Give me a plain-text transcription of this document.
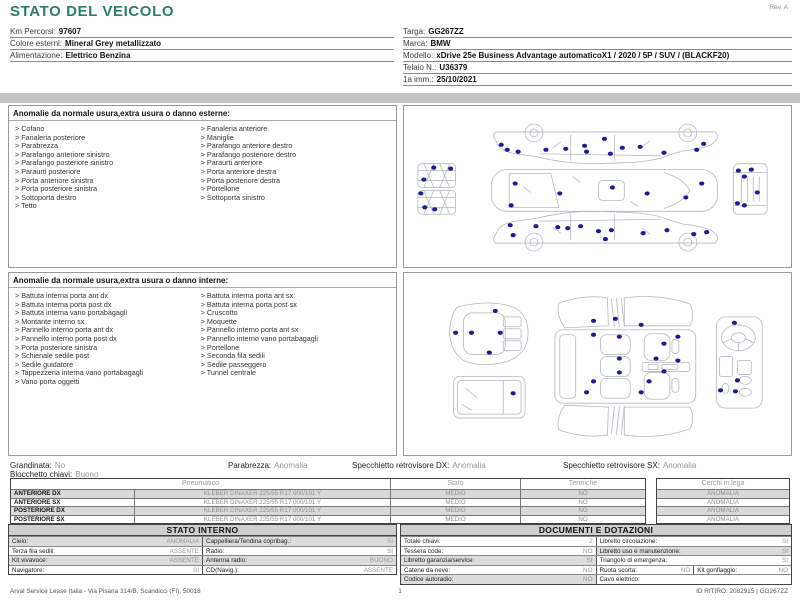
STATO DEL VEICOLO	Rev. A
Km Percorsi: 97607
Colore esterni: Mineral Grey metallizzato
Alimentazione: Elettrico Benzina
Targa: GG267ZZ
Marca: BMW
Modello: xDrive 25e Business Advantage automaticoX1 / 2020 / 5P / SUV / (BLACKF20)
Telaio N.: U36379
1a imm.: 25/10/2021
Anomalie da normale usura,extra usura o danno esterne:
> Cofano
> Fanaleria posteriore
> Parabrezza
> Parafango anteriore sinistro
> Parafango posteriore sinistro
> Paraurti posteriore
> Porta anteriore sinistra
> Porta posteriore sinistra
> Sottoporta destro
> Tetto
> Fanaleria anteriore
> Maniglie
> Parafango anteriore destro
> Parafango posteriore destro
> Paraurti anteriore
> Porta anteriore destra
> Porta posteriore destra
> Portellone
> Sottoporta sinistro
Anomalie da normale usura,extra usura o danno interne:
> Battuta interna porta ant dx
> Battuta interna porta post dx
> Battuta interna vano portabagagli
> Montante interno sx
> Pannello interno porta ant dx
> Pannello interno porta post dx
> Porta posteriore sinistra
> Schienale sedile post
> Sedile guidatore
> Tappezzeria interna vano portabagagli
> Vano porta oggetti
> Battuta interna porta ant sx
> Battuta interna porta post sx
> Cruscotto
> Moquette
> Pannello interno porta ant sx
> Pannello interno vano portabagagli
> Portellone
> Seconda fila sedili
> Sedile passeggero
> Tunnel centrale
Grandinata: No
Blocchetto chiavi: Buono
Parabrezza: Anomalia	Specchietto retrovisore DX: Anomalia	Specchietto retrovisore SX: Anomalia
Pneumatico	Stato	Termiche
ANTERIORE DX	KLEBER DINAXER 225/55 R17 000/101 Y	MEDIO	NO
ANTERIORE SX	KLEBER DINAXER 225/55 R17 000/101 Y	MEDIO	NO
POSTERIORE DX	KLEBER DINAXER 225/55 R17 000/101 Y	MEDIO	NO
POSTERIORE SX	KLEBER DINAXER 225/55 R17 000/101 Y	MEDIO	NO
Cerchi in lega
ANOMALIA
ANOMALIA
ANOMALIA
ANOMALIA
STATO INTERNO
Cielo:	ANOMALIA	Cappelliera/Tendina copribag.:	SI
Terza fila sedili:	ASSENTE	Radio:	SI
Kit vivavoce:	ASSENTE	Antenna radio:	BUONO
Navigatore:	SI	CD(Navig.):	ASSENTE
DOCUMENTI E DOTAZIONI
Totale chiavi:	2	Libretto circolazione:	SI
Tessera code:	NO	Libretto uso e manutenzione:	SI
Libretto garanzia/service:	SI	Triangolo di emergenza:	SI
Catene da neve:	NO	Ruota scorta:	NO	Kit gonfiaggio:	NO
Codice autoradio:	NO	Cavo elettrico:
1
Arval Service Lease Italia - Via Pisana 314/B, Scandicci (FI), 50018	ID RITIRO: 2082915 | GG267ZZ
